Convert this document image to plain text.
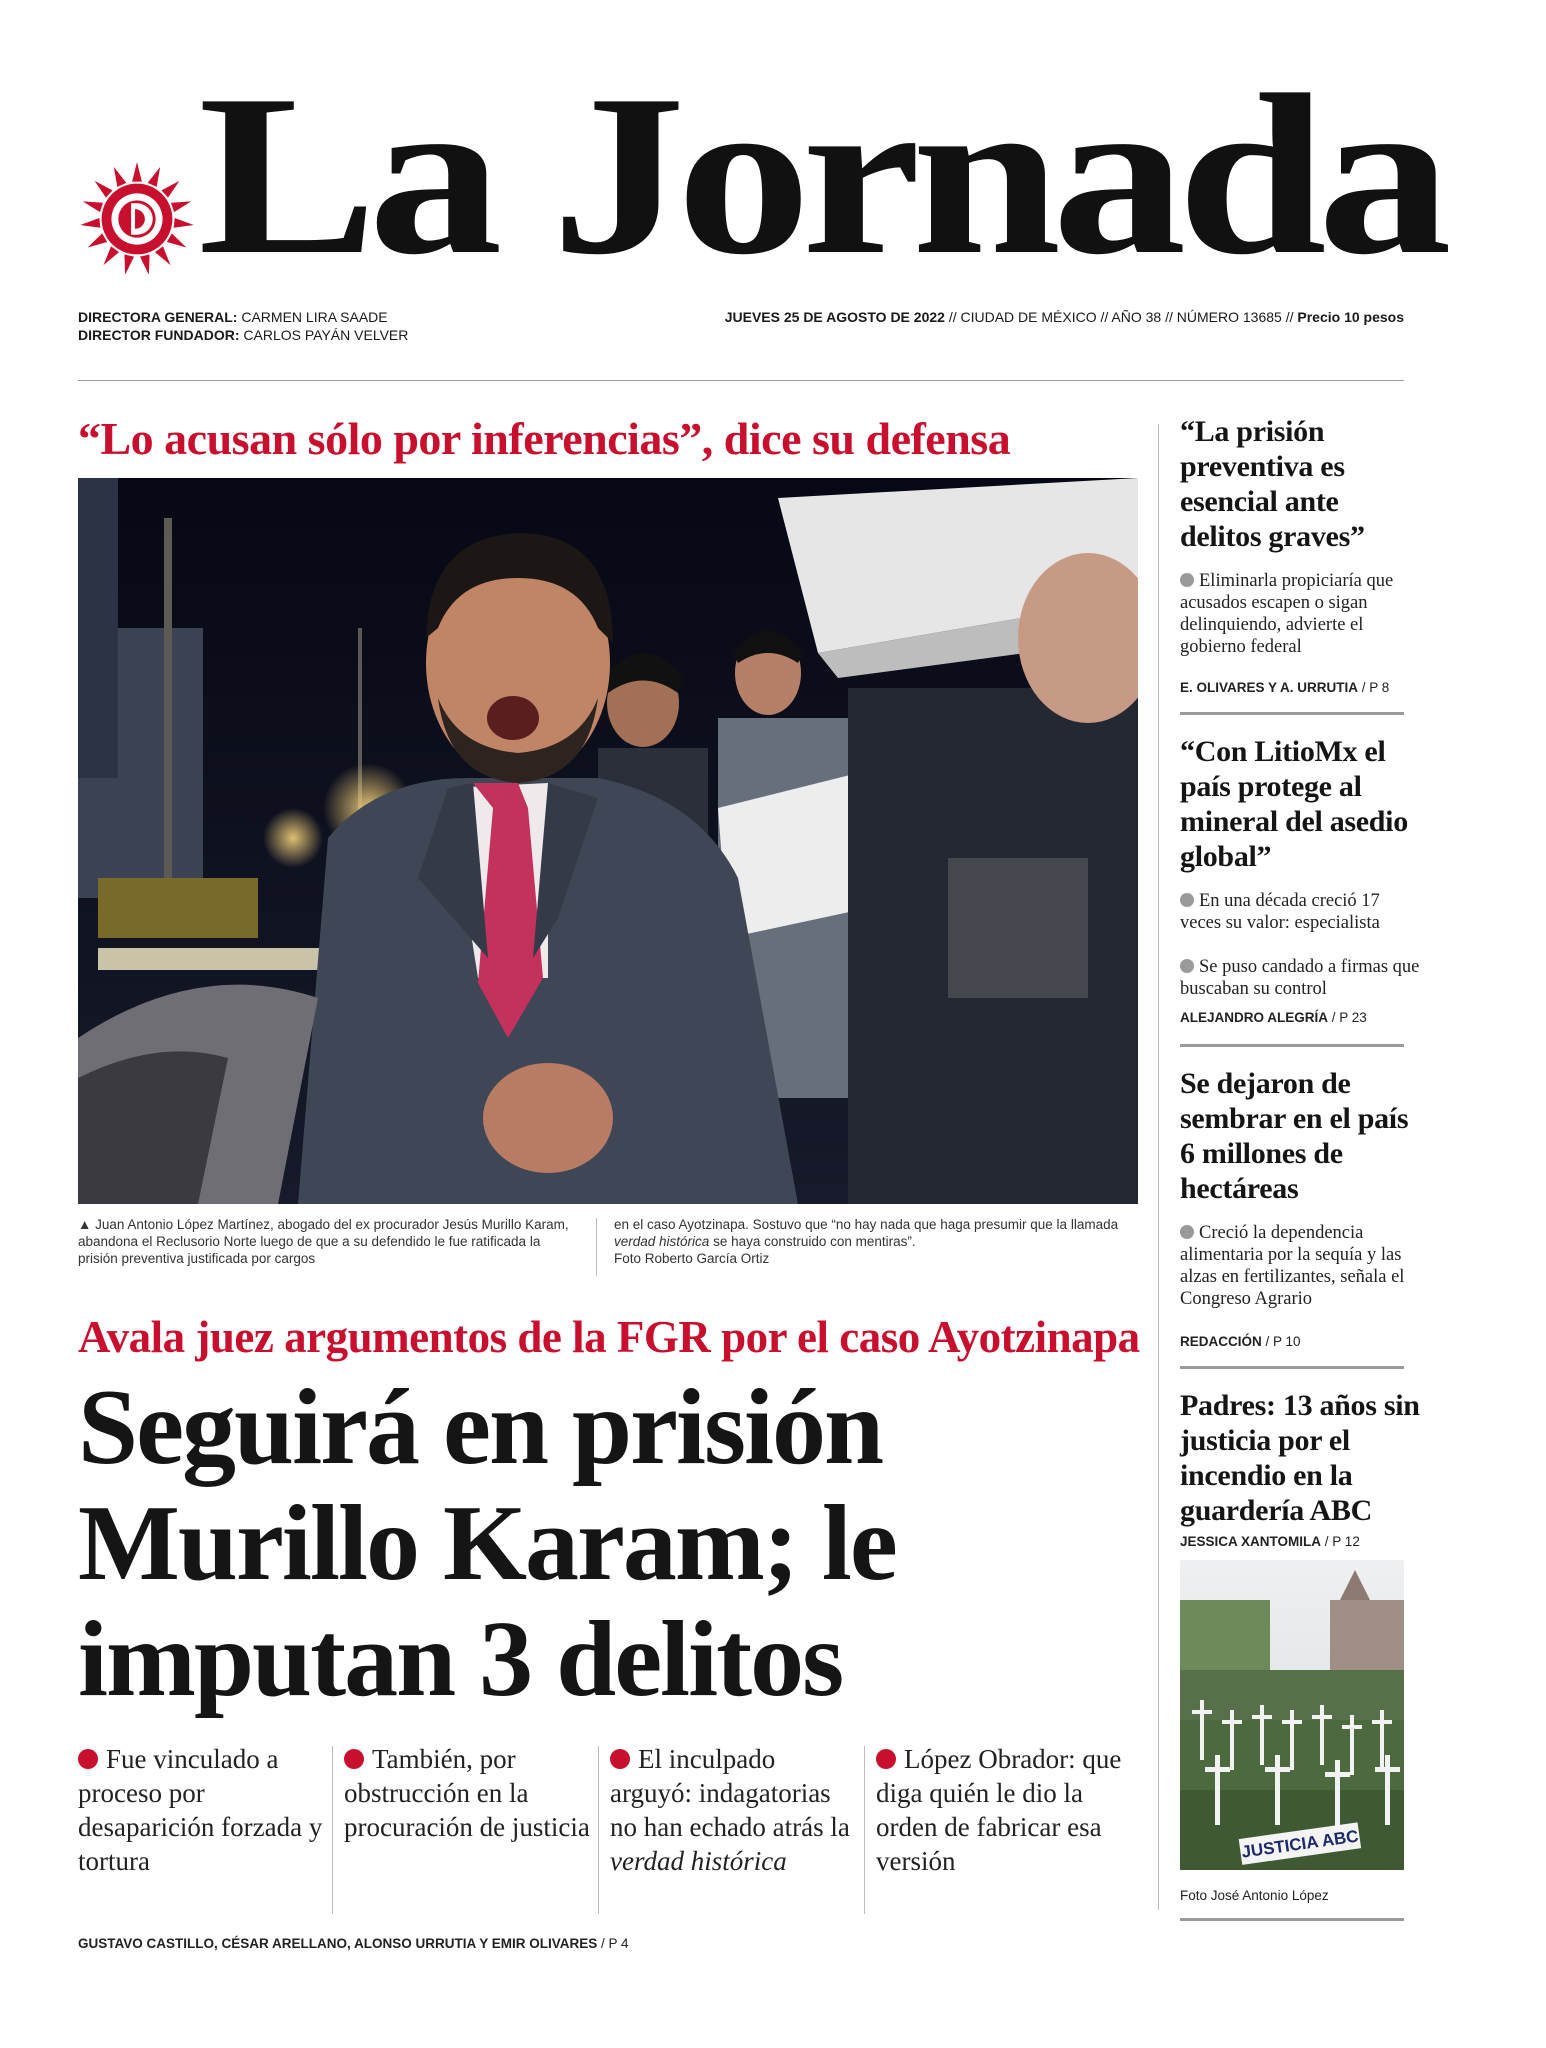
La Jornada
DIRECTORA GENERAL: CARMEN LIRA SAADE
DIRECTOR FUNDADOR: CARLOS PAYÁN VELVER
JUEVES 25 DE AGOSTO DE 2022 // CIUDAD DE MÉXICO // AÑO 38 // NÚMERO 13685 // Precio 10 pesos
“Lo acusan sólo por inferencias”, dice su defensa
▲ Juan Antonio López Martínez, abogado del ex procurador Jesús Murillo Karam, abandona el Reclusorio Norte luego de que a su defendido le fue ratificada la prisión preventiva justificada por cargos
en el caso Ayotzinapa. Sostuvo que “no hay nada que haga presumir que la llamada verdad histórica se haya construido con mentiras”.
Foto Roberto García Ortiz
Avala juez argumentos de la FGR por el caso Ayotzinapa
Seguirá en prisión Murillo Karam; le imputan 3 delitos
Fue vinculado a proceso por desaparición forzada y tortura
También, por obstrucción en la procuración de justicia
El inculpado arguyó: indagatorias no han echado atrás la verdad histórica
López Obrador: que diga quién le dio la orden de fabricar esa versión
GUSTAVO CASTILLO, CÉSAR ARELLANO, ALONSO URRUTIA Y EMIR OLIVARES / P 4
“La prisión preventiva es esencial ante delitos graves”
Eliminarla propiciaría que acusados escapen o sigan delinquiendo, advierte el gobierno federal
E. OLIVARES Y A. URRUTIA / P 8
“Con LitioMx el país protege al mineral del asedio global”
En una década creció 17 veces su valor: especialista
Se puso candado a firmas que buscaban su control
ALEJANDRO ALEGRÍA / P 23
Se dejaron de sembrar en el país 6 millones de hectáreas
Creció la dependencia alimentaria por la sequía y las alzas en fertilizantes, señala el Congreso Agrario
REDACCIÓN / P 10
Padres: 13 años sin justicia por el incendio en la guardería ABC
JESSICA XANTOMILA / P 12
JUSTICIA ABC
Foto José Antonio López
